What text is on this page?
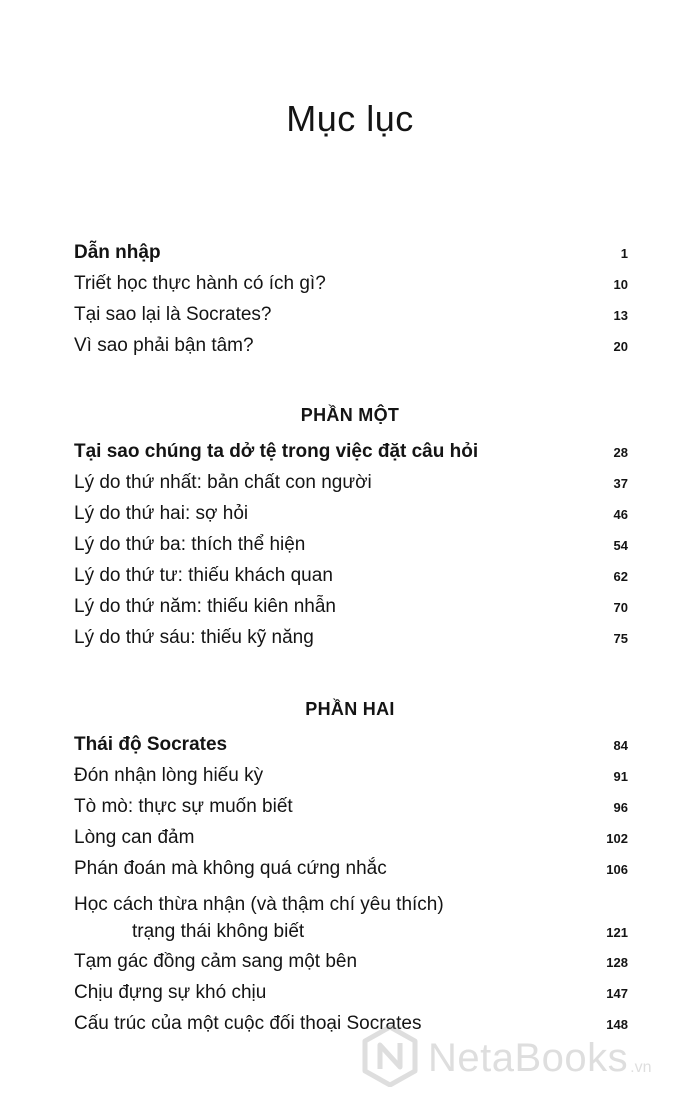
Mục lục
Dẫn nhập	1
Triết học thực hành có ích gì?	10
Tại sao lại là Socrates?	13
Vì sao phải bận tâm?	20
PHẦN MỘT
Tại sao chúng ta dở tệ trong việc đặt câu hỏi	28
Lý do thứ nhất: bản chất con người	37
Lý do thứ hai: sợ hỏi	46
Lý do thứ ba: thích thể hiện	54
Lý do thứ tư: thiếu khách quan	62
Lý do thứ năm: thiếu kiên nhẫn	70
Lý do thứ sáu: thiếu kỹ năng	75
PHẦN HAI
Thái độ Socrates	84
Đón nhận lòng hiếu kỳ	91
Tò mò: thực sự muốn biết	96
Lòng can đảm	102
Phán đoán mà không quá cứng nhắc	106
Học cách thừa nhận (và thậm chí yêu thích)
trạng thái không biết	121
Tạm gác đồng cảm sang một bên	128
Chịu đựng sự khó chịu	147
Cấu trúc của một cuộc đối thoại Socrates	148
NetaBooks .vn
